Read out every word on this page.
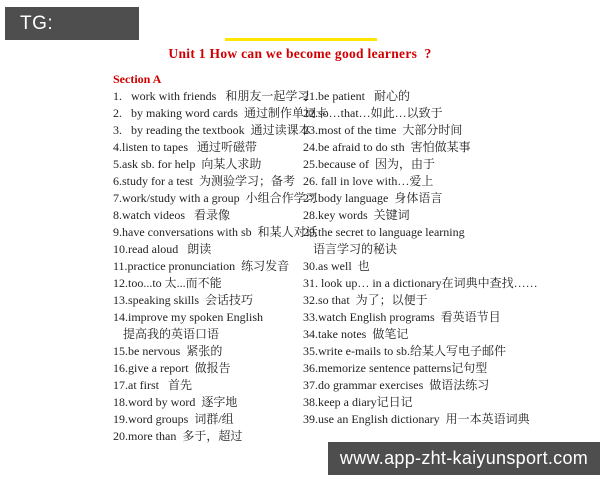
Unit 1 How can we become good learners  ?
Section A
1.   work with friends   和朋友一起学习
2.   by making word cards  通过制作单词卡
3.   by reading the textbook  通过读课本
4.listen to tapes   通过听磁带
5.ask sb. for help  向某人求助
6.study for a test  为测验学习；备考
7.work/study with a group  小组合作学习
8.watch videos   看录像
9.have conversations with sb  和某人对话
10.read aloud   朗读
11.practice pronunciation  练习发音
12.too...to 太...而不能
13.speaking skills  会话技巧
14.improve my spoken English
提高我的英语口语
15.be nervous  紧张的
16.give a report  做报告
17.at first   首先
18.word by word  逐字地
19.word groups  词群/组
20.more than  多于，超过
21.be patient   耐心的
22.so…that…如此…以致于
23.most of the time  大部分时间
24.be afraid to do sth  害怕做某事
25.because of  因为，由于
26. fall in love with…爱上
27.body language  身体语言
28.key words  关键词
29.the secret to language learning
语言学习的秘诀
30.as well  也
31. look up… in a dictionary在词典中查找……
32.so that  为了；以便于
33.watch English programs  看英语节目
34.take notes  做笔记
35.write e-mails to sb.给某人写电子邮件
36.memorize sentence patterns记句型
37.do grammar exercises  做语法练习
38.keep a diary记日记
39.use an English dictionary  用一本英语词典
TG: MYYJJPP
www.app-zht-kaiyunsport.com
